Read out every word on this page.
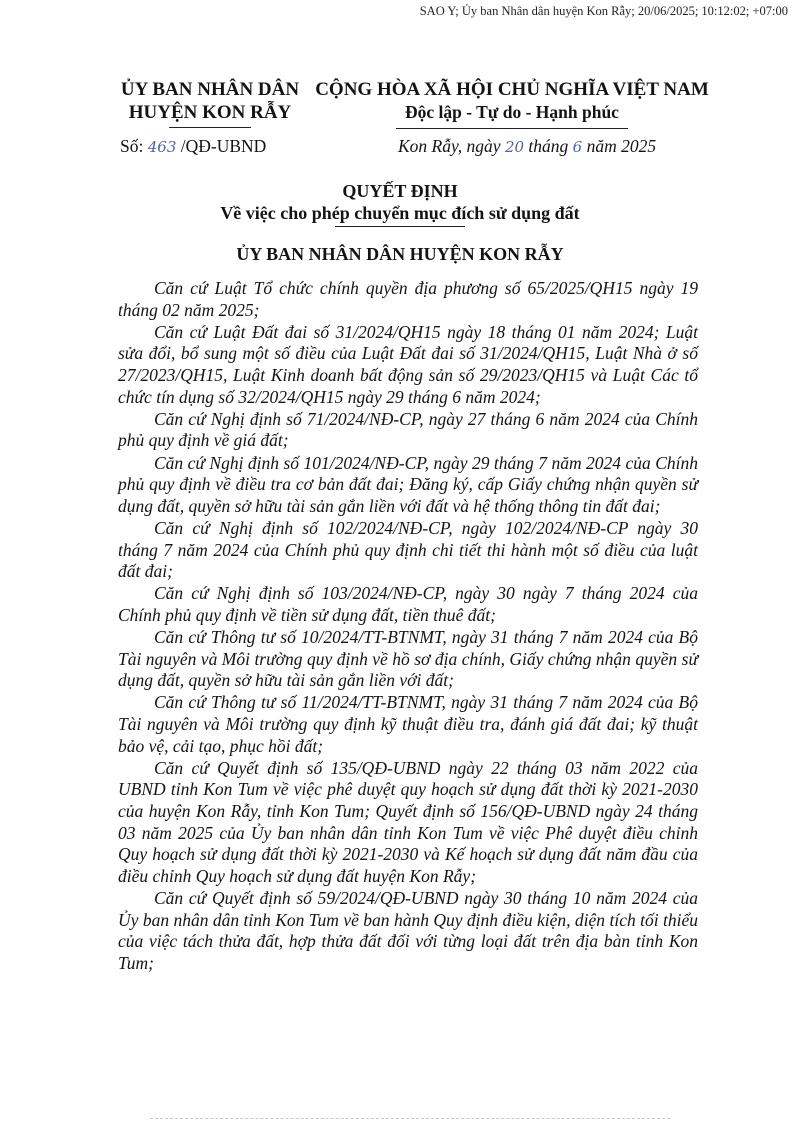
SAO Y; Ủy ban Nhân dân huyện Kon Rẫy; 20/06/2025; 10:12:02; +07:00
ỦY BAN NHÂN DÂN
HUYỆN KON RẪY
CỘNG HÒA XÃ HỘI CHỦ NGHĨA VIỆT NAM
Độc lập - Tự do - Hạnh phúc
Số: 463 /QĐ-UBND	Kon Rẫy, ngày 20 tháng 6 năm 2025
QUYẾT ĐỊNH
Về việc cho phép chuyển mục đích sử dụng đất
ỦY BAN NHÂN DÂN HUYỆN KON RẪY

Căn cứ Luật Tổ chức chính quyền địa phương số 65/2025/QH15 ngày 19 tháng 02 năm 2025;

Căn cứ Luật Đất đai số 31/2024/QH15 ngày 18 tháng 01 năm 2024; Luật sửa đổi, bổ sung một số điều của Luật Đất đai số 31/2024/QH15, Luật Nhà ở số 27/2023/QH15, Luật Kinh doanh bất động sản số 29/2023/QH15 và Luật Các tổ chức tín dụng số 32/2024/QH15 ngày 29 tháng 6 năm 2024;

Căn cứ Nghị định số 71/2024/NĐ-CP, ngày 27 tháng 6 năm 2024 của Chính phủ quy định về giá đất;

Căn cứ Nghị định số 101/2024/NĐ-CP, ngày 29 tháng 7 năm 2024 của Chính phủ quy định về điều tra cơ bản đất đai; Đăng ký, cấp Giấy chứng nhận quyền sử dụng đất, quyền sở hữu tài sản gắn liền với đất và hệ thống thông tin đất đai;

Căn cứ Nghị định số 102/2024/NĐ-CP, ngày 102/2024/NĐ-CP ngày 30 tháng 7 năm 2024 của Chính phủ quy định chi tiết thi hành một số điều của luật đất đai;

Căn cứ Nghị định số 103/2024/NĐ-CP, ngày 30 ngày 7 tháng 2024 của Chính phủ quy định về tiền sử dụng đất, tiền thuê đất;

Căn cứ Thông tư số 10/2024/TT-BTNMT, ngày 31 tháng 7 năm 2024 của Bộ Tài nguyên và Môi trường quy định về hồ sơ địa chính, Giấy chứng nhận quyền sử dụng đất, quyền sở hữu tài sản gắn liền với đất;

Căn cứ Thông tư số 11/2024/TT-BTNMT, ngày 31 tháng 7 năm 2024 của Bộ Tài nguyên và Môi trường quy định kỹ thuật điều tra, đánh giá đất đai; kỹ thuật bảo vệ, cải tạo, phục hồi đất;

Căn cứ Quyết định số 135/QĐ-UBND ngày 22 tháng 03 năm 2022 của UBND tỉnh Kon Tum về việc phê duyệt quy hoạch sử dụng đất thời kỳ 2021-2030 của huyện Kon Rẫy, tỉnh Kon Tum; Quyết định số 156/QĐ-UBND ngày 24 tháng 03 năm 2025 của Ủy ban nhân dân tỉnh Kon Tum về việc Phê duyệt điều chỉnh Quy hoạch sử dụng đất thời kỳ 2021-2030 và Kế hoạch sử dụng đất năm đầu của điều chỉnh Quy hoạch sử dụng đất huyện Kon Rẫy;

Căn cứ Quyết định số 59/2024/QĐ-UBND ngày 30 tháng 10 năm 2024 của Ủy ban nhân dân tỉnh Kon Tum về ban hành Quy định điều kiện, diện tích tối thiểu của việc tách thửa đất, hợp thửa đất đối với từng loại đất trên địa bàn tỉnh Kon Tum;
